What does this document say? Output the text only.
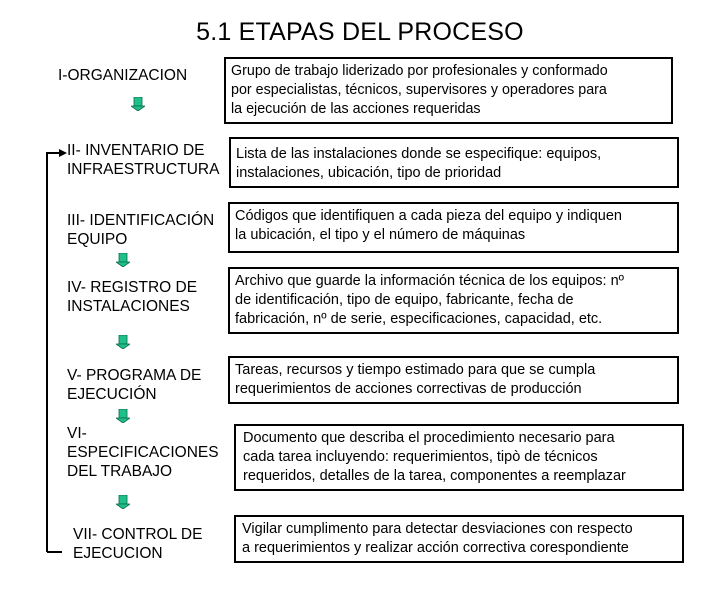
5.1 ETAPAS DEL PROCESO
I-ORGANIZACION	Grupo de trabajo liderizado por profesionales y conformado
por especialistas, técnicos, supervisores y operadores para
la ejecución de las acciones requeridas
II- INVENTARIO DE
INFRAESTRUCTURA
Lista de las instalaciones donde se especifique: equipos,
instalaciones, ubicación, tipo de prioridad
III- IDENTIFICACIÓN
EQUIPO
Códigos que identifiquen a cada pieza del equipo y indiquen
la ubicación, el tipo y el número de máquinas
IV- REGISTRO DE
INSTALACIONES
Archivo que guarde la información técnica de los equipos: nº
de identificación, tipo de equipo, fabricante, fecha de
fabricación, nº de serie, especificaciones, capacidad, etc.
V- PROGRAMA DE
EJECUCIÓN
Tareas, recursos y tiempo estimado para que se cumpla
requerimientos de acciones correctivas de producción
VI-
ESPECIFICACIONES
DEL TRABAJO
Documento que describa el procedimiento necesario para
cada tarea incluyendo: requerimientos, tipò de técnicos
requeridos, detalles de la tarea, componentes a reemplazar
VII- CONTROL DE
EJECUCION
Vigilar cumplimento para detectar desviaciones con respecto
a requerimientos y realizar acción correctiva corespondiente
